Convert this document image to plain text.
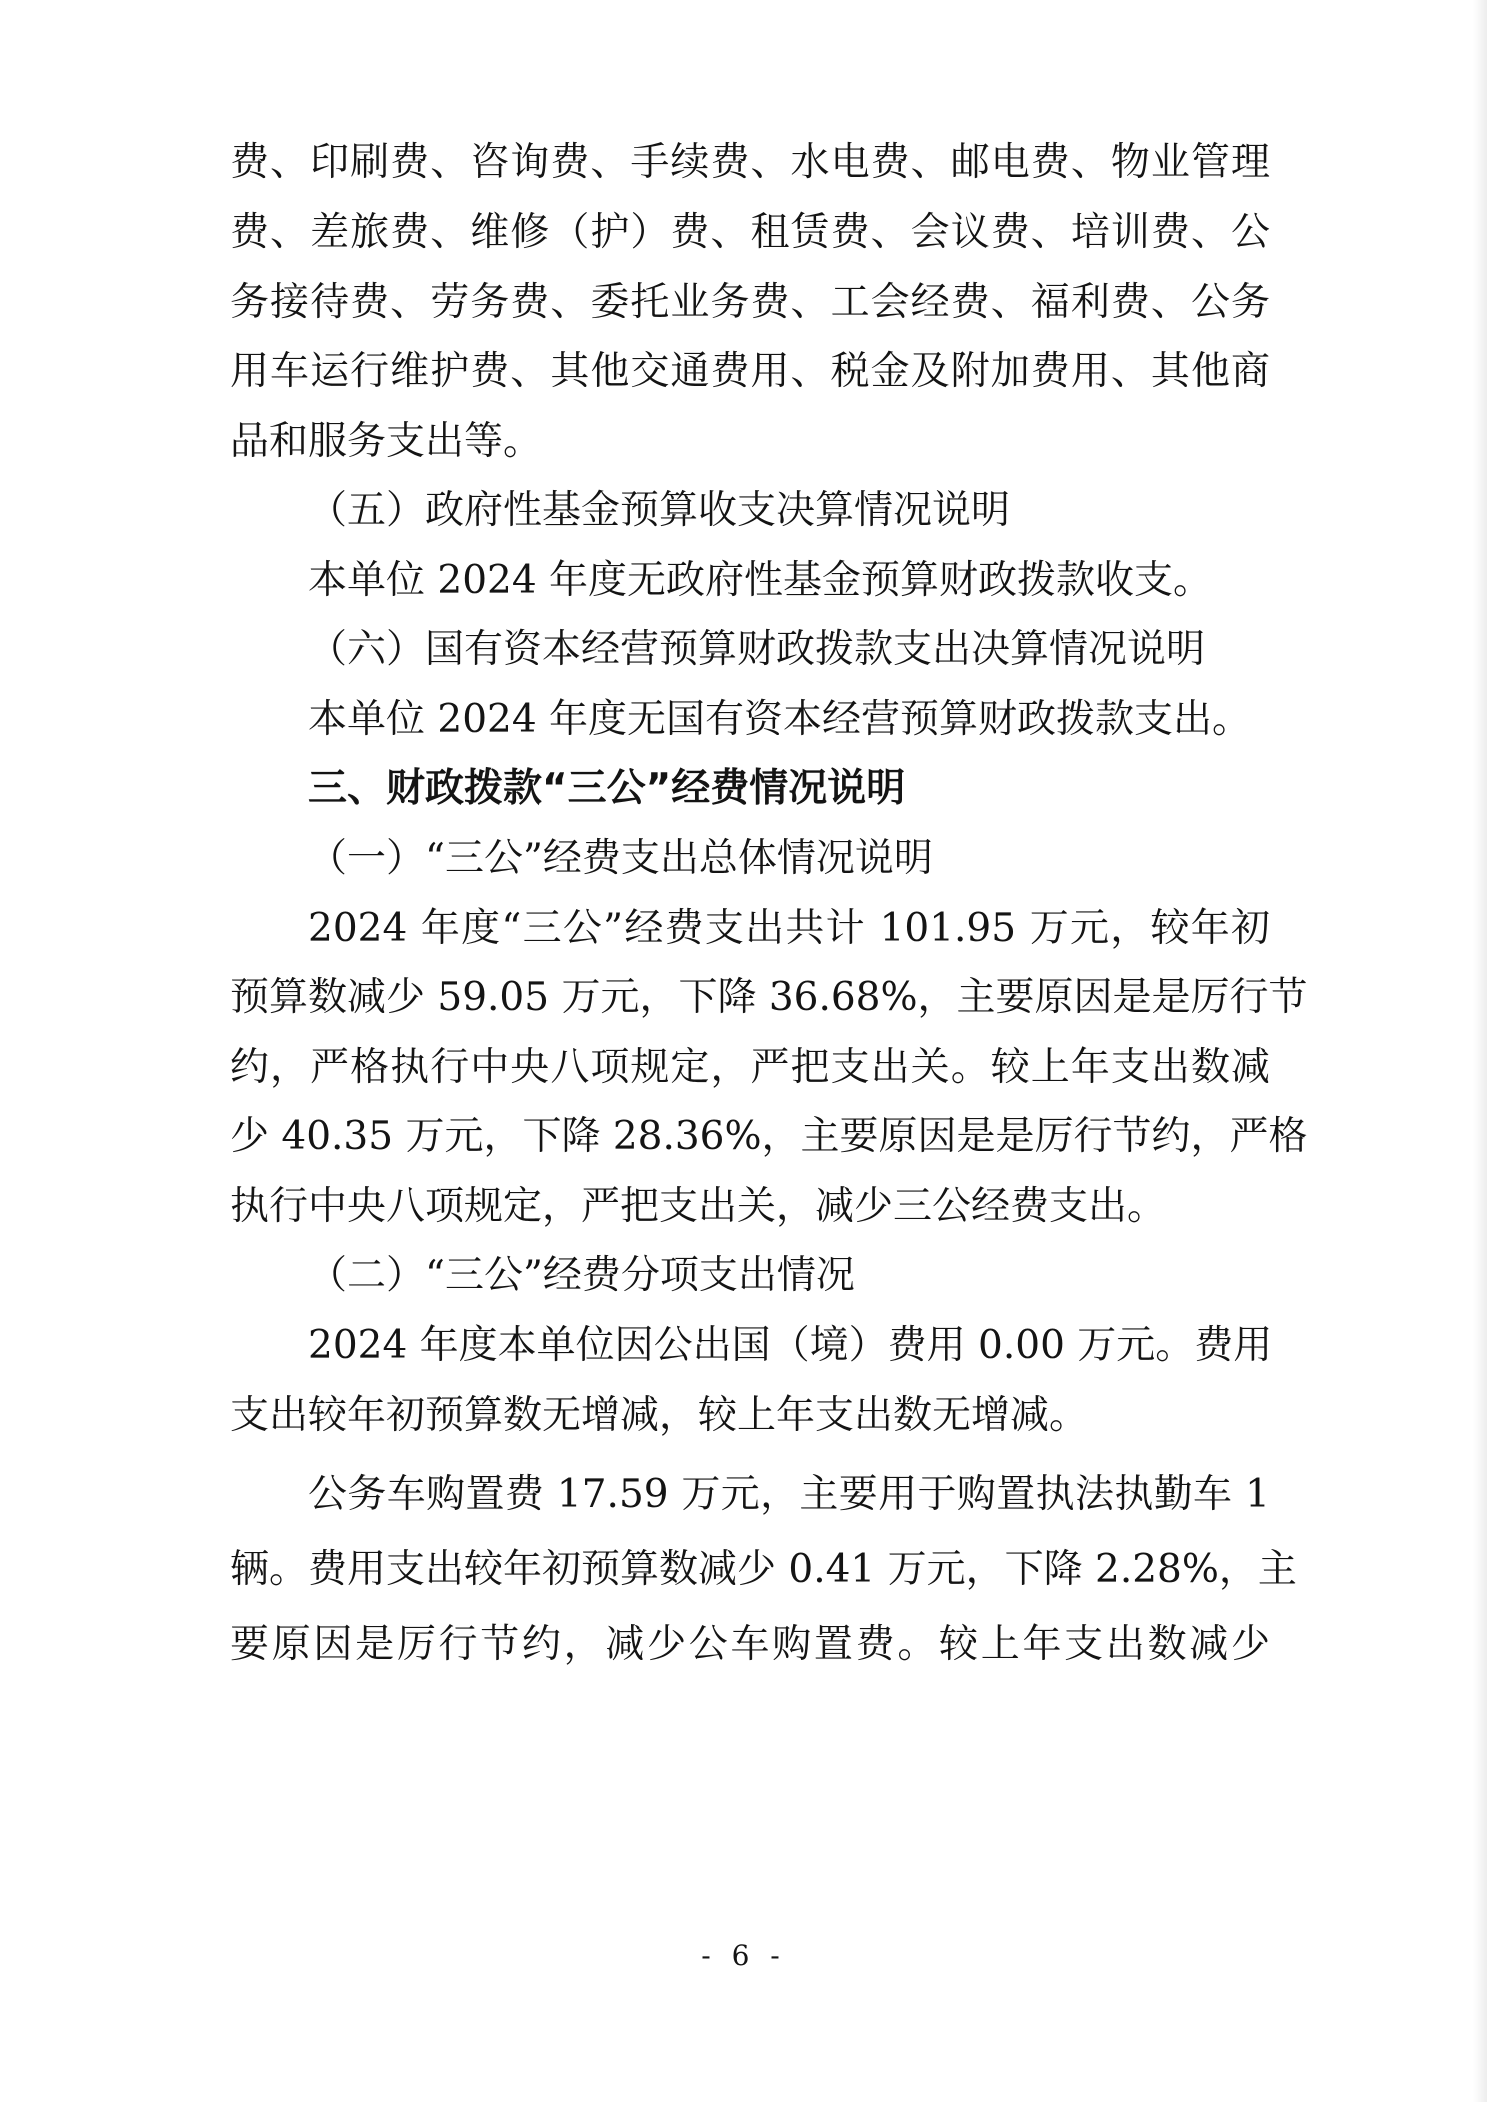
费、印刷费、咨询费、手续费、水电费、邮电费、物业管理
费、差旅费、维修（护）费、租赁费、会议费、培训费、公
务接待费、劳务费、委托业务费、工会经费、福利费、公务
用车运行维护费、其他交通费用、税金及附加费用、其他商
品和服务支出等。
（五）政府性基金预算收支决算情况说明
本单位 2024 年度无政府性基金预算财政拨款收支。
（六）国有资本经营预算财政拨款支出决算情况说明
本单位 2024 年度无国有资本经营预算财政拨款支出。
三、财政拨款“三公”经费情况说明
（一）“三公”经费支出总体情况说明
2024 年度“三公”经费支出共计 101.95 万元，较年初
预算数减少 59.05 万元，下降 36.68%，主要原因是是厉行节
约，严格执行中央八项规定，严把支出关。较上年支出数减
少 40.35 万元，下降 28.36%，主要原因是是厉行节约，严格
执行中央八项规定，严把支出关，减少三公经费支出。
（二）“三公”经费分项支出情况
2024 年度本单位因公出国（境）费用 0.00 万元。费用
支出较年初预算数无增减，较上年支出数无增减。
公务车购置费 17.59 万元，主要用于购置执法执勤车 1
辆。费用支出较年初预算数减少 0.41 万元，下降 2.28%，主
要原因是厉行节约，减少公车购置费。较上年支出数减少
- 6 -
